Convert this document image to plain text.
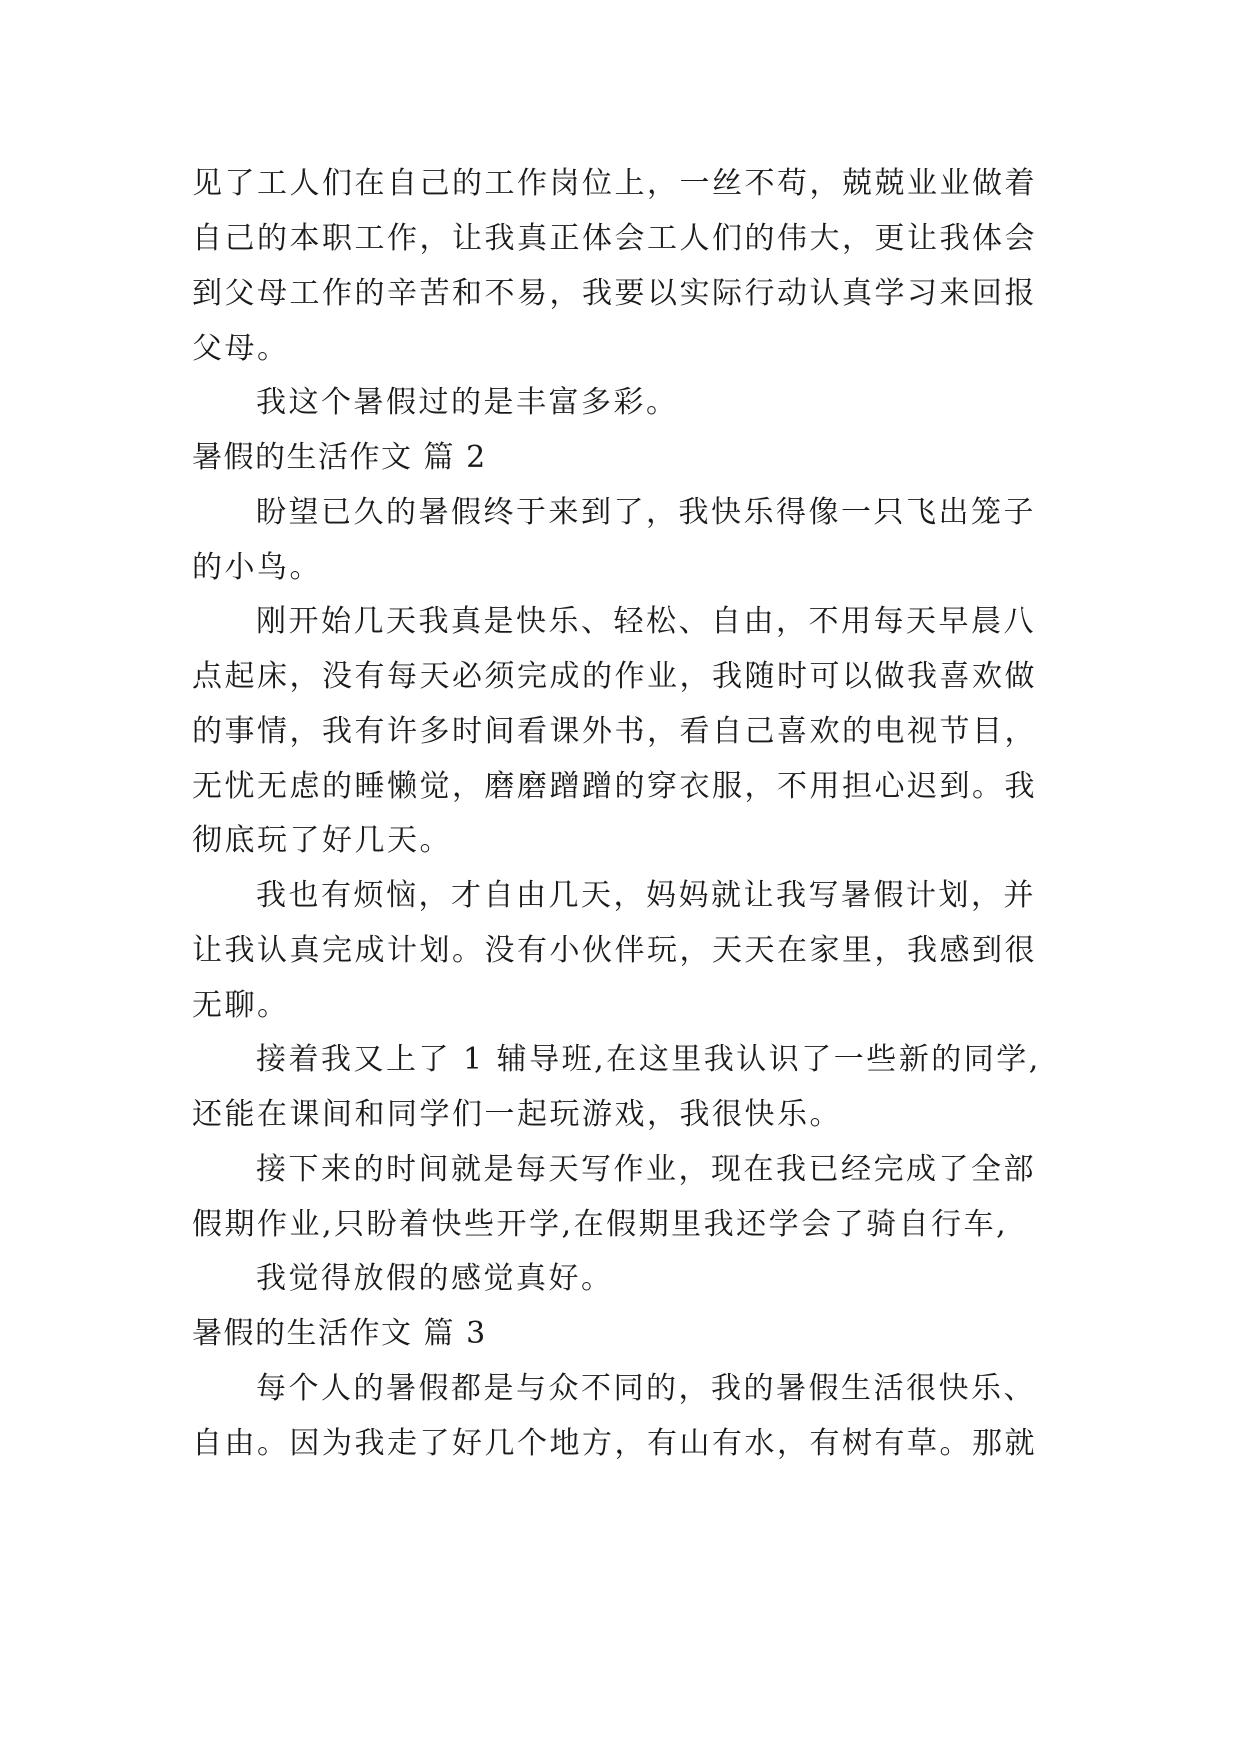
见了工人们在自己的工作岗位上，一丝不苟，兢兢业业做着
自己的本职工作，让我真正体会工人们的伟大，更让我体会
到父母工作的辛苦和不易，我要以实际行动认真学习来回报
父母。
我这个暑假过的是丰富多彩。
暑假的生活作文 篇 2
盼望已久的暑假终于来到了，我快乐得像一只飞出笼子
的小鸟。
刚开始几天我真是快乐、轻松、自由，不用每天早晨八
点起床，没有每天必须完成的作业，我随时可以做我喜欢做
的事情，我有许多时间看课外书，看自己喜欢的电视节目，
无忧无虑的睡懒觉，磨磨蹭蹭的穿衣服，不用担心迟到。我
彻底玩了好几天。
我也有烦恼，才自由几天，妈妈就让我写暑假计划，并
让我认真完成计划。没有小伙伴玩，天天在家里，我感到很
无聊。
接着我又上了 1 辅导班,在这里我认识了一些新的同学,
还能在课间和同学们一起玩游戏，我很快乐。
接下来的时间就是每天写作业，现在我已经完成了全部
假期作业,只盼着快些开学,在假期里我还学会了骑自行车,
我觉得放假的感觉真好。
暑假的生活作文 篇 3
每个人的暑假都是与众不同的，我的暑假生活很快乐、
自由。因为我走了好几个地方，有山有水，有树有草。那就
